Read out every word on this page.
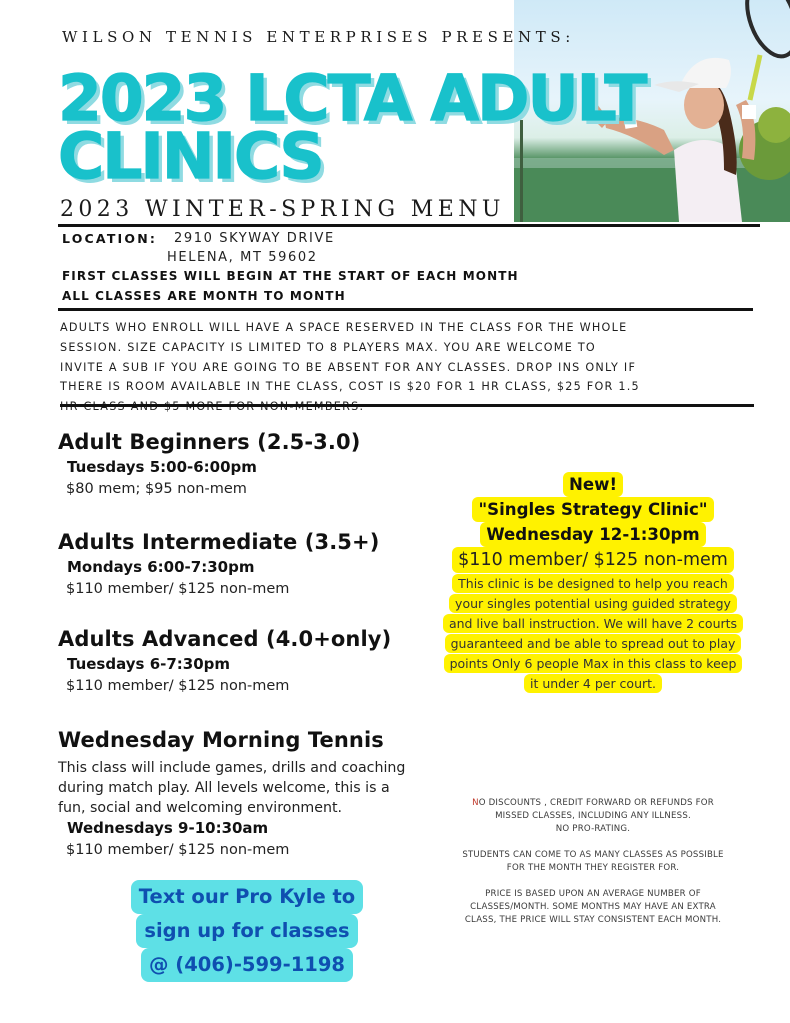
WILSON TENNIS ENTERPRISES PRESENTS:
2023 LCTA ADULT
CLINICS
2023 WINTER-SPRING MENU
LOCATION: 2910 SKYWAY DRIVE
HELENA, MT 59602
FIRST CLASSES WILL BEGIN AT THE START OF EACH MONTH
ALL CLASSES ARE MONTH TO MONTH
ADULTS WHO ENROLL WILL HAVE A SPACE RESERVED IN THE CLASS FOR THE WHOLE
SESSION. SIZE CAPACITY IS LIMITED TO 8 PLAYERS MAX. YOU ARE WELCOME TO
INVITE A SUB IF YOU ARE GOING TO BE ABSENT FOR ANY CLASSES. DROP INS ONLY IF
THERE IS ROOM AVAILABLE IN THE CLASS, COST IS $20 FOR 1 HR CLASS, $25 FOR 1.5
Adult Beginners (2.5-3.0)
Tuesdays 5:00-6:00pm
$80 mem; $95 non-mem
Adults Intermediate (3.5+)
Mondays 6:00-7:30pm
$110 member/ $125 non-mem
Adults Advanced (4.0+only)
Tuesdays 6-7:30pm
$110 member/ $125 non-mem
Wednesday Morning Tennis
This class will include games, drills and coaching
during match play. All levels welcome, this is a
fun, social and welcoming environment.
Wednesdays 9-10:30am
$110 member/ $125 non-mem
New!
"Singles Strategy Clinic"
Wednesday 12-1:30pm
$110 member/ $125 non-mem
This clinic is be designed to help you reach
your singles potential using guided strategy
and live ball instruction. We will have 2 courts
guaranteed and be able to spread out to play
points Only 6 people Max in this class to keep
it under 4 per court.
NO DISCOUNTS , CREDIT FORWARD OR REFUNDS FOR
MISSED CLASSES, INCLUDING ANY ILLNESS.
NO PRO-RATING.
STUDENTS CAN COME TO AS MANY CLASSES AS POSSIBLE
FOR THE MONTH THEY REGISTER FOR.
PRICE IS BASED UPON AN AVERAGE NUMBER OF
CLASSES/MONTH. SOME MONTHS MAY HAVE AN EXTRA
CLASS, THE PRICE WILL STAY CONSISTENT EACH MONTH.
Text our Pro Kyle to
sign up for classes
@ (406)-599-1198
